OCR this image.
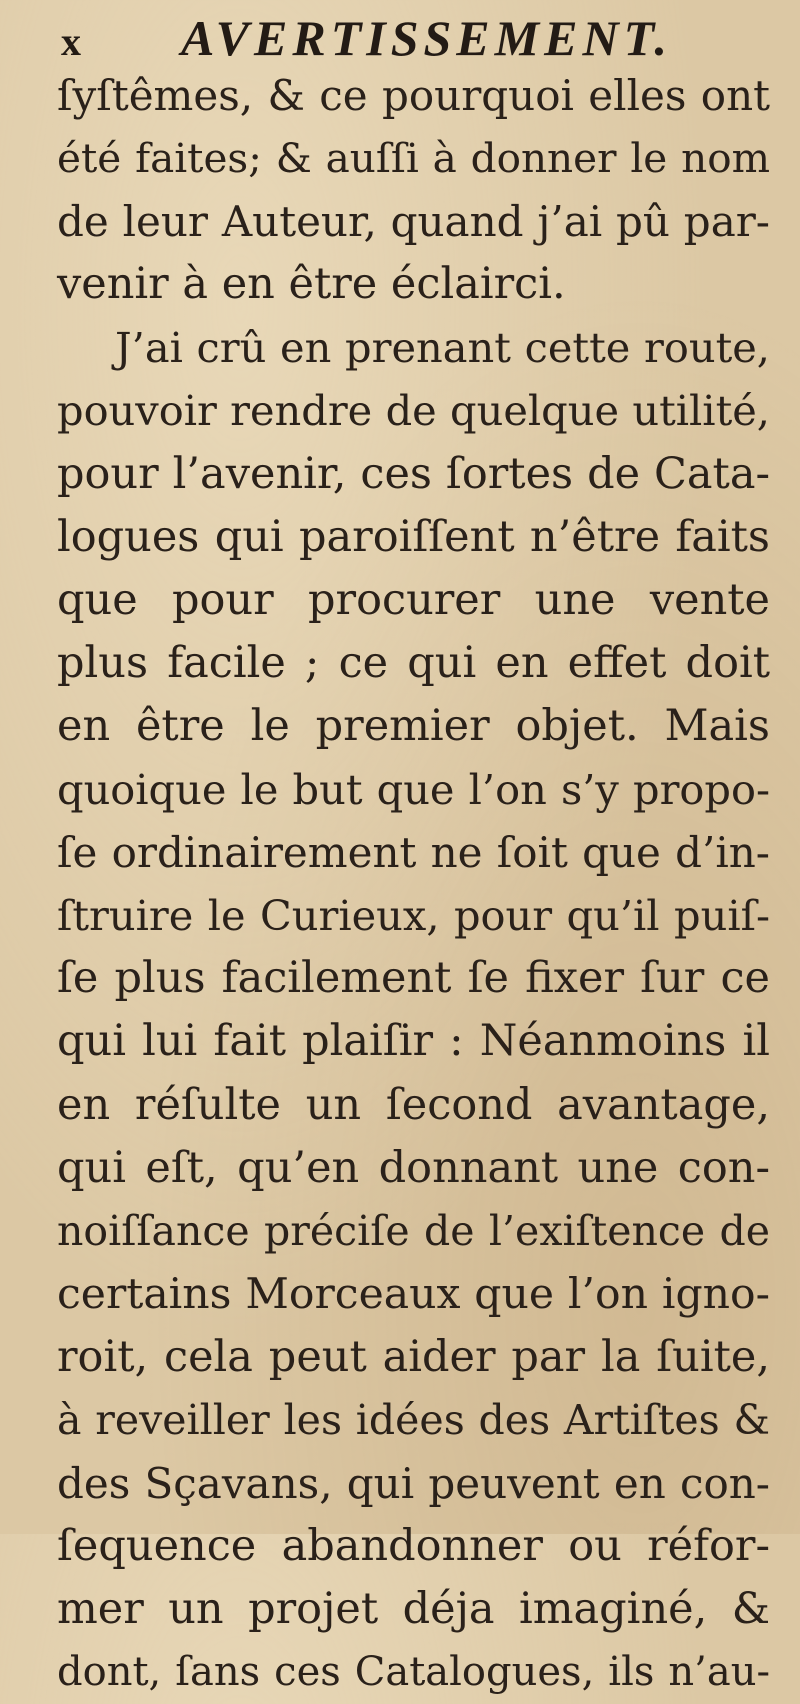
x	AVERTISSEMENT.
ſyſtêmes, & ce pourquoi elles ont
été faites; & auſſi à donner le nom
de leur Auteur, quand j’ai pû par-
venir à en être éclairci.
J’ai crû en prenant cette route,
pouvoir rendre de quelque utilité,
pour l’avenir, ces ſortes de Cata-
logues qui paroiſſent n’être faits
que pour procurer une vente
plus facile ; ce qui en effet doit
en être le premier objet. Mais
quoique le but que l’on s’y propo-
ſe ordinairement ne ſoit que d’in-
ſtruire le Curieux, pour qu’il puiſ-
ſe plus facilement ſe fixer ſur ce
qui lui fait plaiſir : Néanmoins il
en réſulte un ſecond avantage,
qui eſt, qu’en donnant une con-
noiſſance préciſe de l’exiſtence de
certains Morceaux que l’on igno-
roit, cela peut aider par la ſuite,
à reveiller les idées des Artiſtes &
des Sçavans, qui peuvent en con-
ſequence abandonner ou réfor-
mer un projet déja imaginé, &
dont, ſans ces Catalogues, ils n’au-
